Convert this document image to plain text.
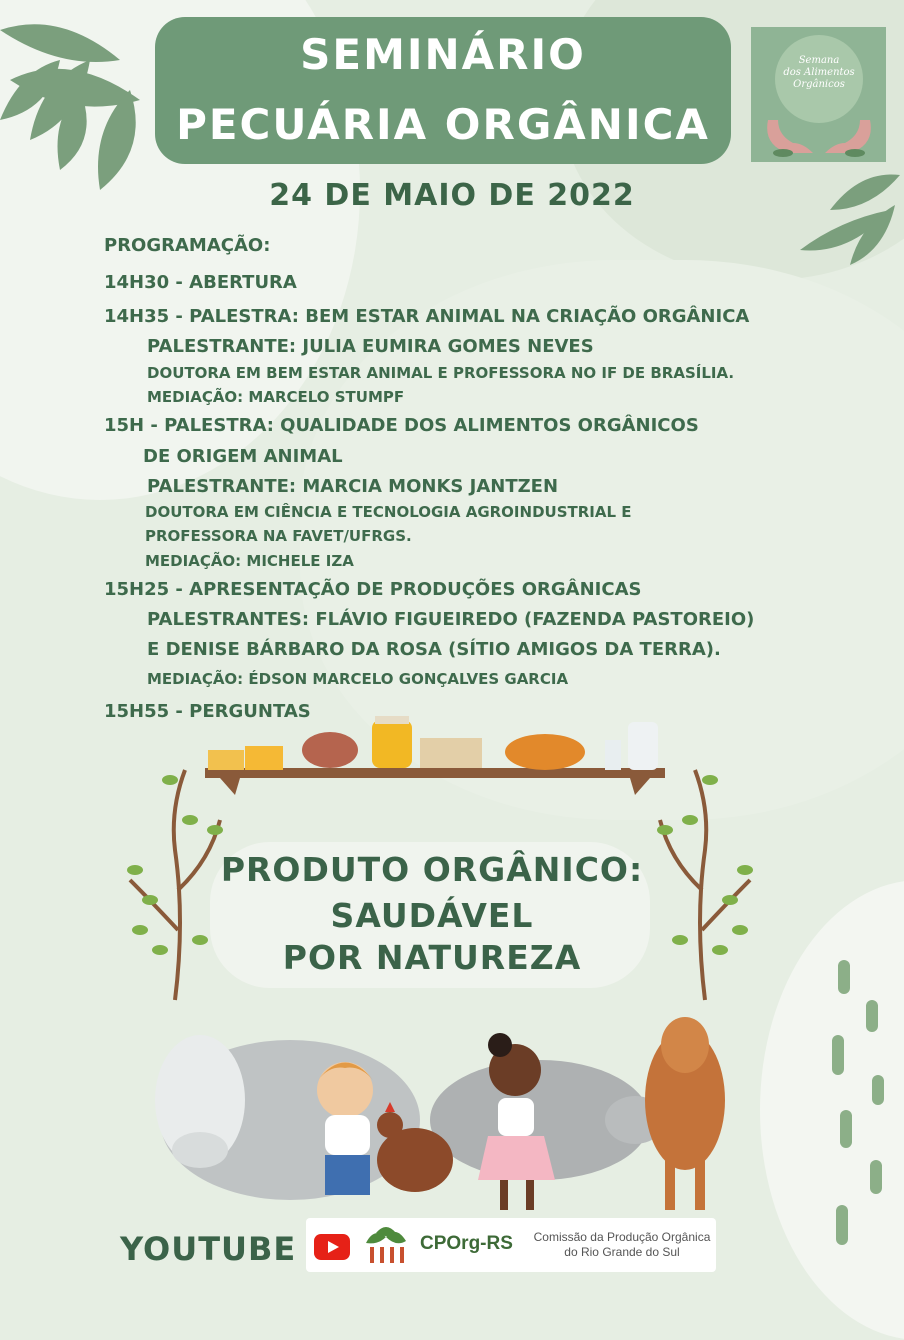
SEMINÁRIO
PECUÁRIA ORGÂNICA
Semana
dos Alimentos
Orgânicos
24 DE MAIO DE 2022
PROGRAMAÇÃO:
14H30 - ABERTURA
14H35 - PALESTRA: BEM ESTAR ANIMAL NA CRIAÇÃO ORGÂNICA
PALESTRANTE: JULIA EUMIRA GOMES NEVES
DOUTORA EM BEM ESTAR ANIMAL E PROFESSORA NO IF DE BRASÍLIA.
MEDIAÇÃO: MARCELO STUMPF
15H - PALESTRA: QUALIDADE DOS ALIMENTOS ORGÂNICOS
DE ORIGEM ANIMAL
PALESTRANTE: MARCIA MONKS JANTZEN
DOUTORA EM CIÊNCIA E TECNOLOGIA AGROINDUSTRIAL E
PROFESSORA NA FAVET/UFRGS.
MEDIAÇÃO: MICHELE IZA
15H25 - APRESENTAÇÃO DE PRODUÇÕES ORGÂNICAS
PALESTRANTES: FLÁVIO FIGUEIREDO (FAZENDA PASTOREIO)
E DENISE BÁRBARO DA ROSA (SÍTIO AMIGOS DA TERRA).
MEDIAÇÃO: ÉDSON MARCELO GONÇALVES GARCIA
15H55 - PERGUNTAS
PRODUTO ORGÂNICO:
SAUDÁVEL
POR NATUREZA
YOUTUBE	CPOrg-RS Comissão da Produção Orgânica
do Rio Grande do Sul
